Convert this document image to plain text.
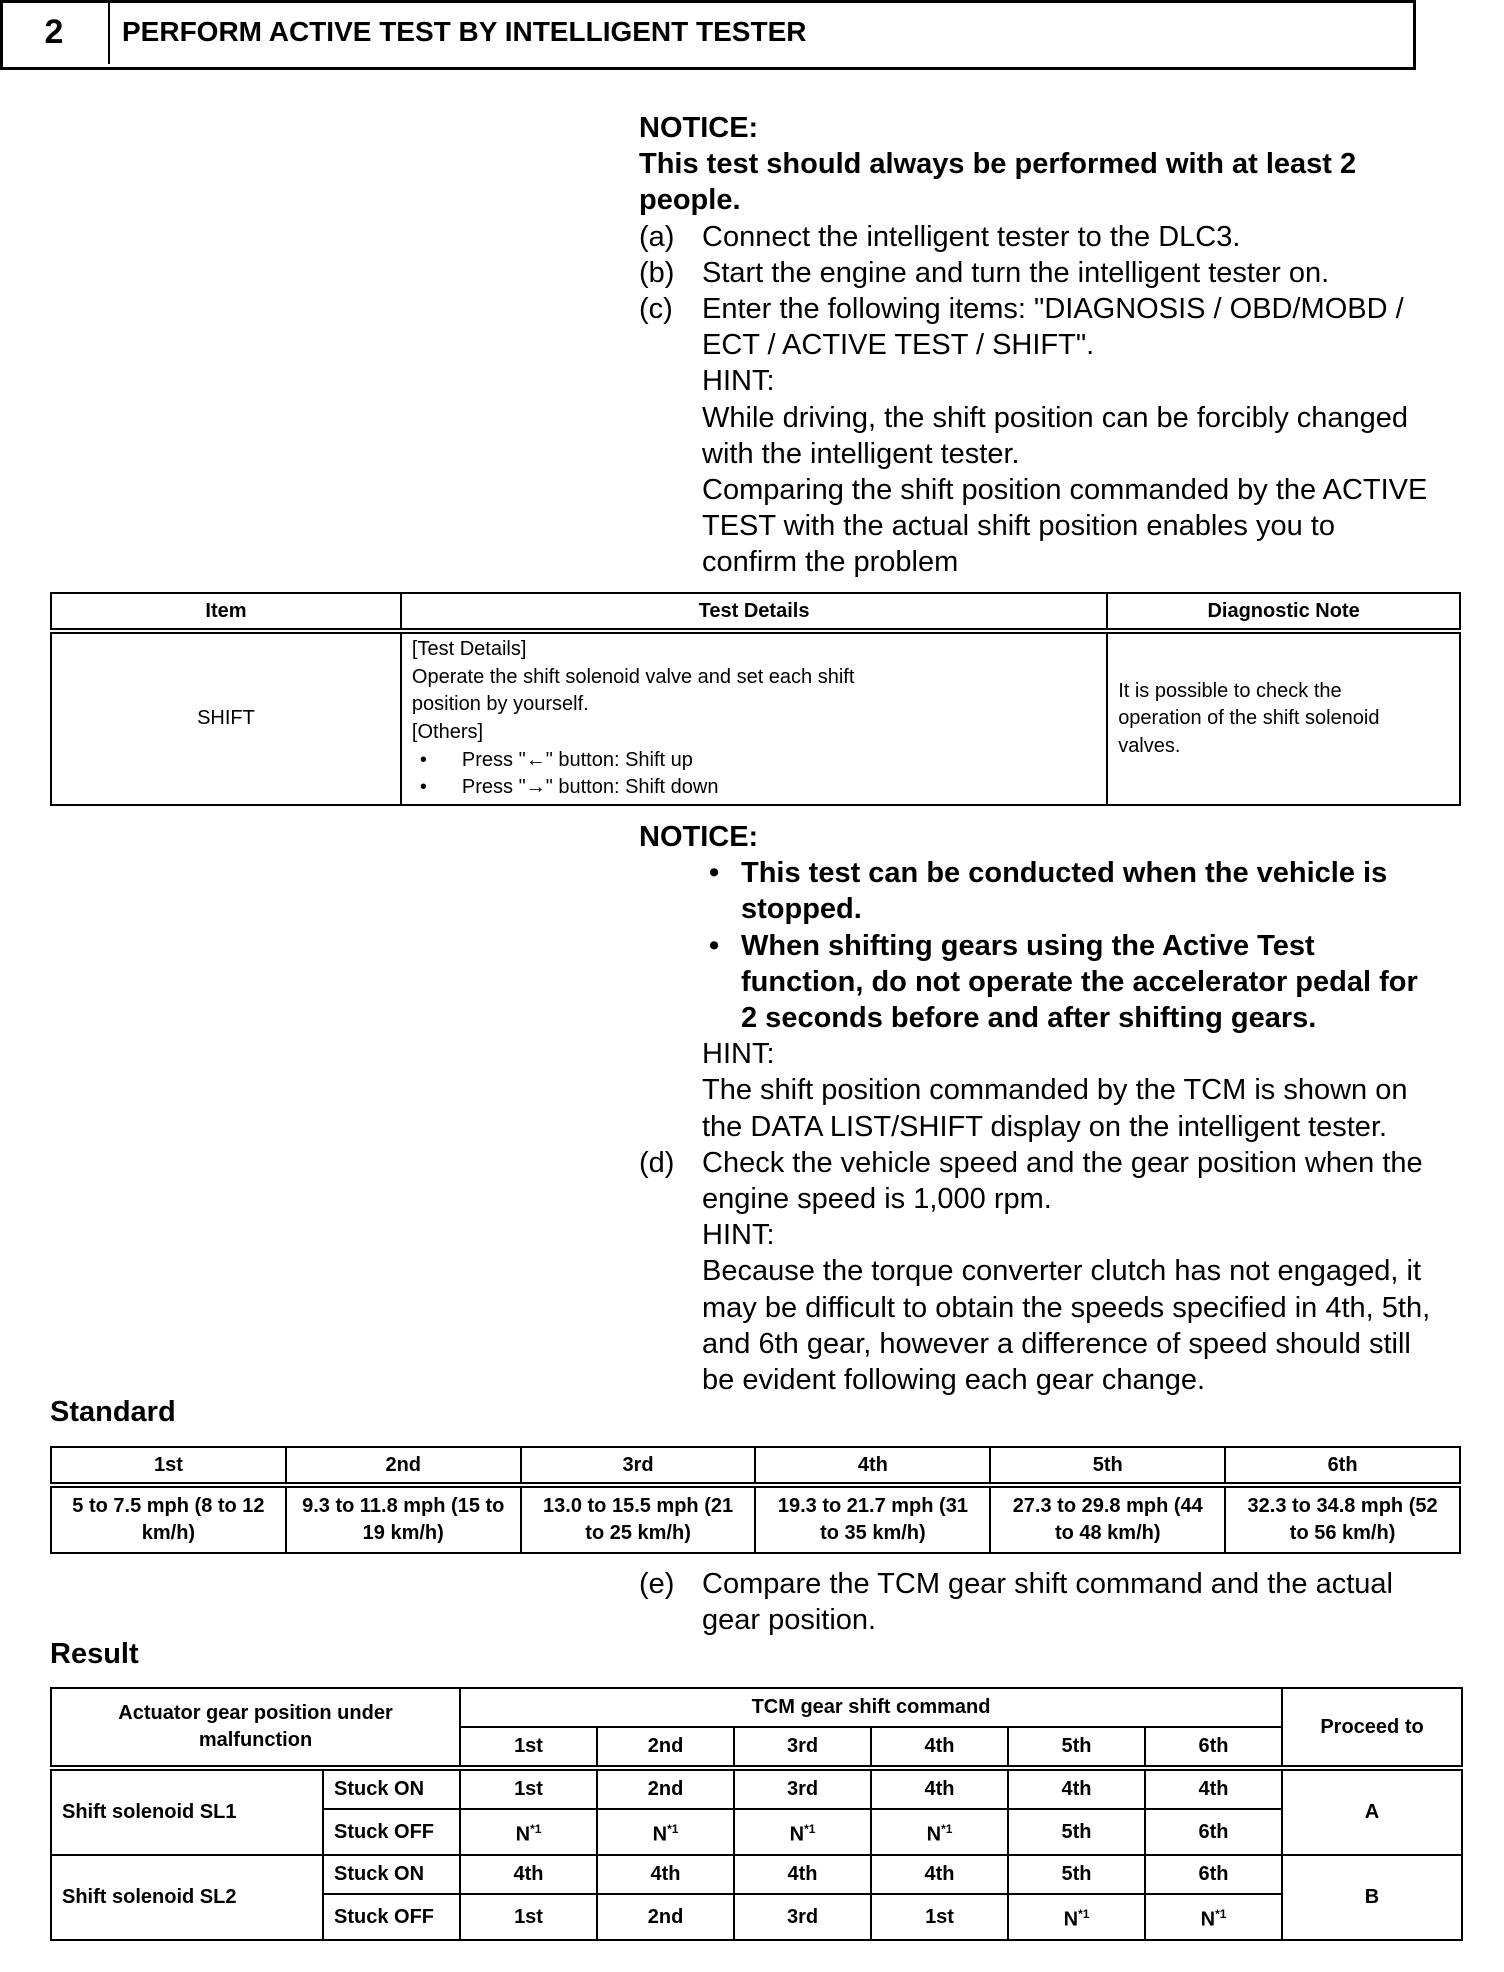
2	PERFORM ACTIVE TEST BY INTELLIGENT TESTER
NOTICE:
This test should always be performed with at least 2
people.
(a) Connect the intelligent tester to the DLC3.
(b) Start the engine and turn the intelligent tester on.
(c) Enter the following items: "DIAGNOSIS / OBD/MOBD /
ECT / ACTIVE TEST / SHIFT".
HINT:
While driving, the shift position can be forcibly changed
with the intelligent tester.
Comparing the shift position commanded by the ACTIVE
TEST with the actual shift position enables you to
confirm the problem
Item	Test Details	Diagnostic Note
SHIFT	[Test Details]
Operate the shift solenoid valve and set each shift position by yourself.
[Others]
• Press "←" button: Shift up
• Press "→" button: Shift down	It is possible to check the operation of the shift solenoid valves.
NOTICE:
• This test can be conducted when the vehicle is
stopped.
• When shifting gears using the Active Test
function, do not operate the accelerator pedal for
2 seconds before and after shifting gears.
HINT:
The shift position commanded by the TCM is shown on
the DATA LIST/SHIFT display on the intelligent tester.
(d) Check the vehicle speed and the gear position when the
engine speed is 1,000 rpm.
HINT:
Because the torque converter clutch has not engaged, it
may be difficult to obtain the speeds specified in 4th, 5th,
and 6th gear, however a difference of speed should still
be evident following each gear change.
Standard
1st	2nd	3rd	4th	5th	6th
5 to 7.5 mph (8 to 12 km/h)	9.3 to 11.8 mph (15 to 19 km/h)	13.0 to 15.5 mph (21 to 25 km/h)	19.3 to 21.7 mph (31 to 35 km/h)	27.3 to 29.8 mph (44 to 48 km/h)	32.3 to 34.8 mph (52 to 56 km/h)
(e) Compare the TCM gear shift command and the actual
gear position.
Result
Actuator gear position under malfunction		TCM gear shift command						Proceed to
		1st	2nd	3rd	4th	5th	6th	
Shift solenoid SL1	Stuck ON	1st	2nd	3rd	4th	4th	4th	A
	Stuck OFF	$N^{*1}$	$N^{*1}$	$N^{*1}$	$N^{*1}$	5th	6th	
Shift solenoid SL2	Stuck ON	4th	4th	4th	4th	5th	6th	B
	Stuck OFF	1st	2nd	3rd	1st	$N^{*1}$	$N^{*1}$
